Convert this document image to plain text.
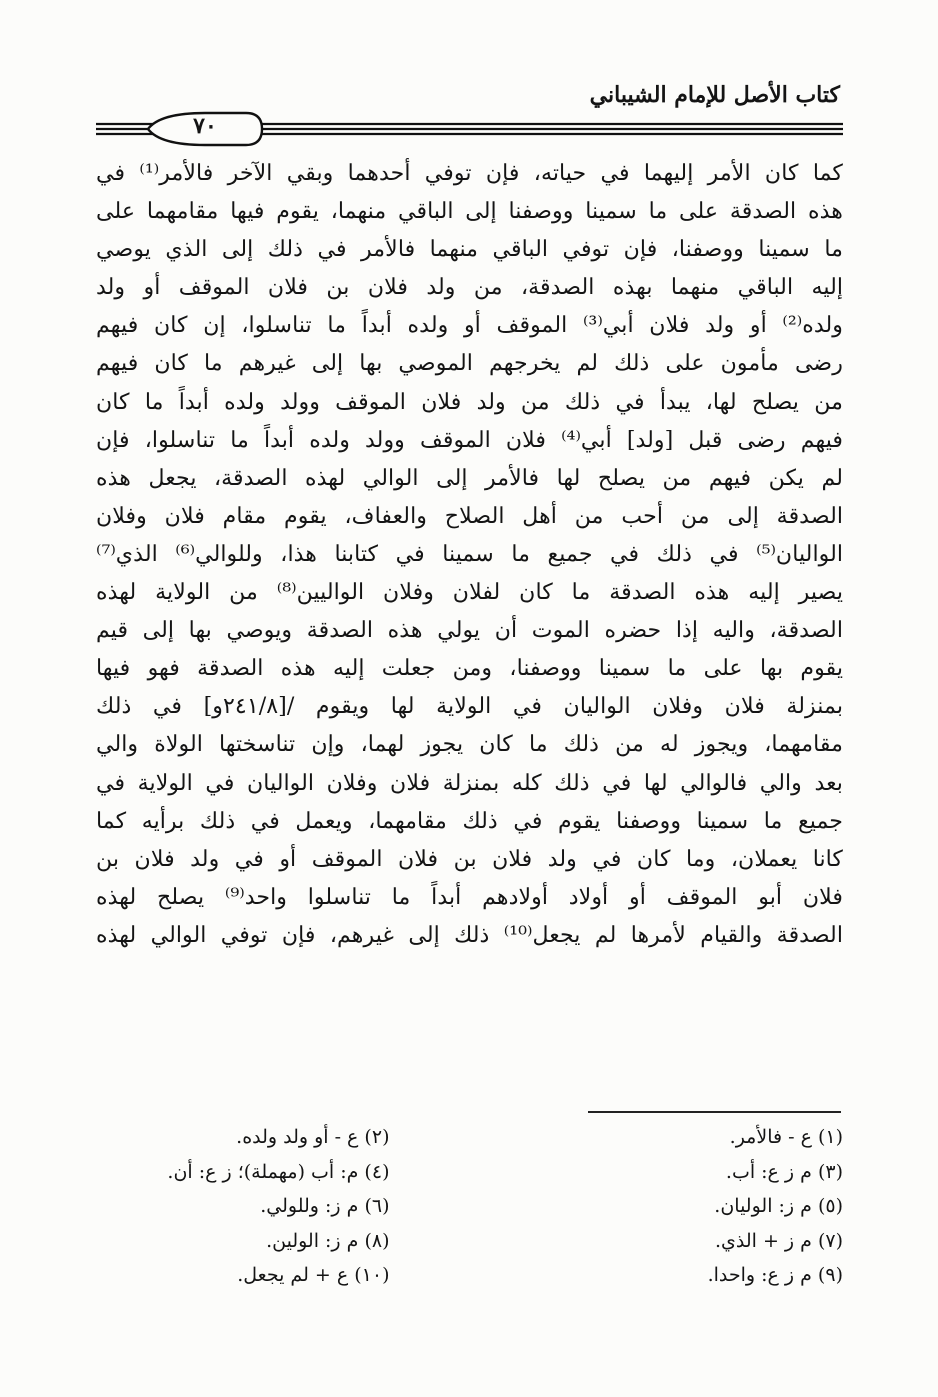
كتاب الأصل للإمام الشيباني
٧٠
كما كان الأمر إليهما في حياته، فإن توفي أحدهما وبقي الآخر فالأمر⁽¹⁾ في
هذه الصدقة على ما سمينا ووصفنا إلى الباقي منهما، يقوم فيها مقامهما على
ما سمينا ووصفنا، فإن توفي الباقي منهما فالأمر في ذلك إلى الذي يوصي
إليه الباقي منهما بهذه الصدقة، من ولد فلان بن فلان الموقف أو ولد
ولده⁽²⁾ أو ولد فلان أبي⁽³⁾ الموقف أو ولده أبداً ما تناسلوا، إن كان فيهم
رضى مأمون على ذلك لم يخرجهم الموصي بها إلى غيرهم ما كان فيهم
من يصلح لها، يبدأ في ذلك من ولد فلان الموقف وولد ولده أبداً ما كان
فيهم رضى قبل [ولد] أبي⁽⁴⁾ فلان الموقف وولد ولده أبداً ما تناسلوا، فإن
لم يكن فيهم من يصلح لها فالأمر إلى الوالي لهذه الصدقة، يجعل هذه
الصدقة إلى من أحب من أهل الصلاح والعفاف، يقوم مقام فلان وفلان
الواليان⁽⁵⁾ في ذلك في جميع ما سمينا في كتابنا هذا، وللوالي⁽⁶⁾ الذي⁽⁷⁾
يصير إليه هذه الصدقة ما كان لفلان وفلان الواليين⁽⁸⁾ من الولاية لهذه
الصدقة، واليه إذا حضره الموت أن يولي هذه الصدقة ويوصي بها إلى قيم
يقوم بها على ما سمينا ووصفنا، ومن جعلت إليه هذه الصدقة فهو فيها
بمنزلة فلان وفلان الواليان في الولاية لها ويقوم /[٢٤١/٨و] في ذلك
مقامهما، ويجوز له من ذلك ما كان يجوز لهما، وإن تناسختها الولاة والي
بعد والي فالوالي لها في ذلك كله بمنزلة فلان وفلان الواليان في الولاية في
جميع ما سمينا ووصفنا يقوم في ذلك مقامهما، ويعمل في ذلك برأيه كما
كانا يعملان، وما كان في ولد فلان بن فلان الموقف أو في ولد فلان بن
فلان أبو الموقف أو أولاد أولادهم أبداً ما تناسلوا واحد⁽⁹⁾ يصلح لهذه
الصدقة والقيام لأمرها لم يجعل⁽¹⁰⁾ ذلك إلى غيرهم، فإن توفي الوالي لهذه
(١) ع - فالأمر.
(٢) ع - أو ولد ولده.
(٣) م ز ع: أب.
(٤) م: أب (مهملة)؛ ز ع: أن.
(٥) م ز: الوليان.
(٦) م ز: وللولي.
(٧) م ز + الذي.
(٨) م ز: الولين.
(٩) م ز ع: واحدا.
(١٠) ع + لم يجعل.
